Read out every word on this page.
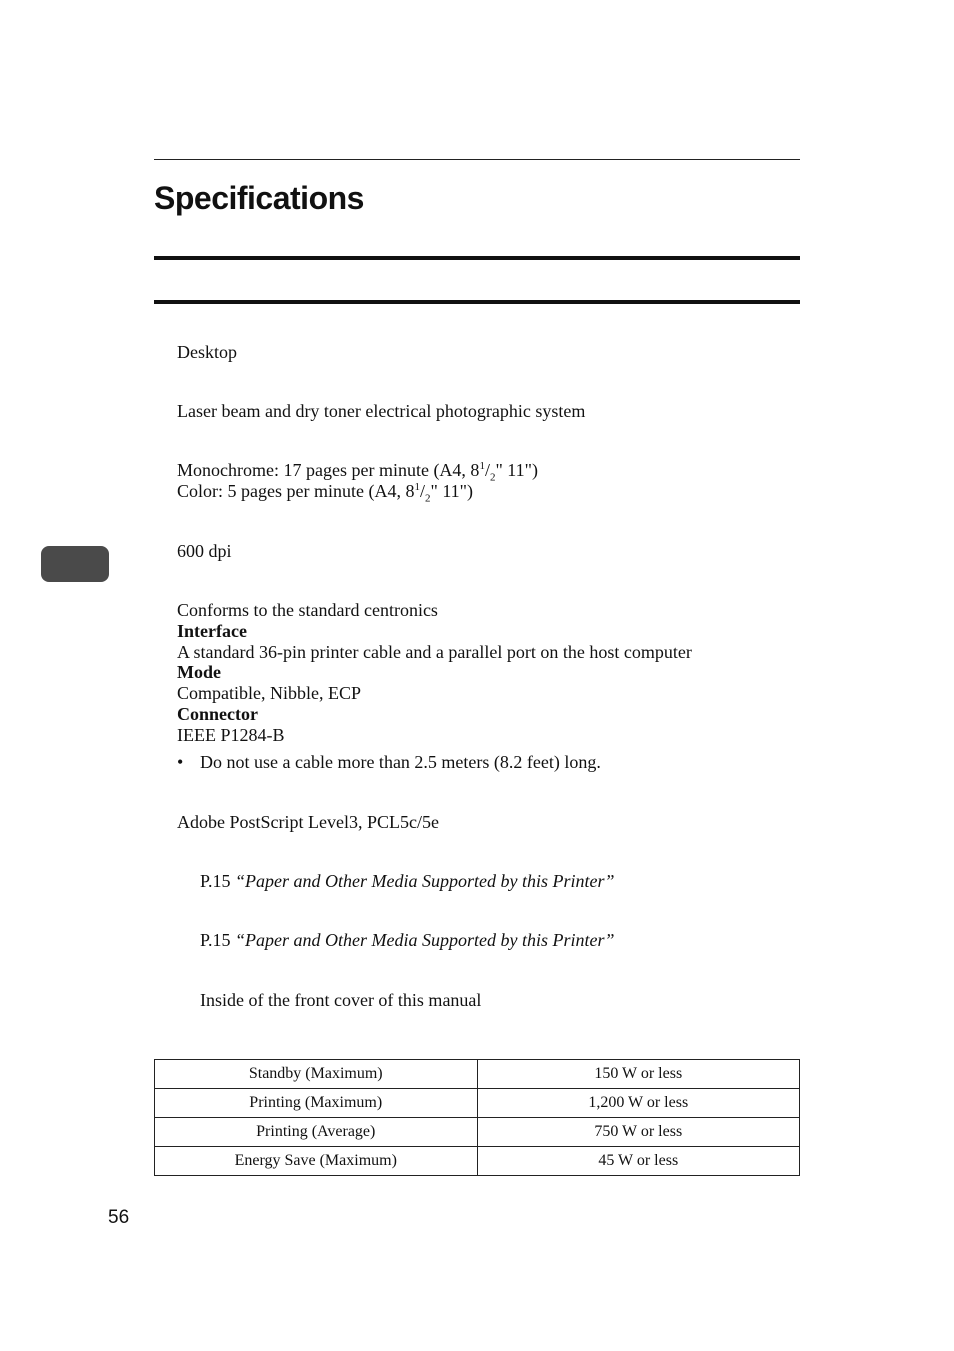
Specifications
Desktop
Laser beam and dry toner electrical photographic system
Monochrome: 17 pages per minute (A4, $8^1/_2$" 11")
Color: 5 pages per minute (A4, $8^1/_2$" 11")
600 dpi
Conforms to the standard centronics
Interface
A standard 36-pin printer cable and a parallel port on the host computer
Mode
Compatible, Nibble, ECP
Connector
IEEE P1284-B
• Do not use a cable more than 2.5 meters (8.2 feet) long.
Adobe PostScript Level3, PCL5c/5e
P.15 “Paper and Other Media Supported by this Printer”
P.15 “Paper and Other Media Supported by this Printer”
Inside of the front cover of this manual
Standby (Maximum)	150 W or less
Printing (Maximum)	1,200 W or less
Printing (Average)	750 W or less
Energy Save (Maximum)	45 W or less
56
